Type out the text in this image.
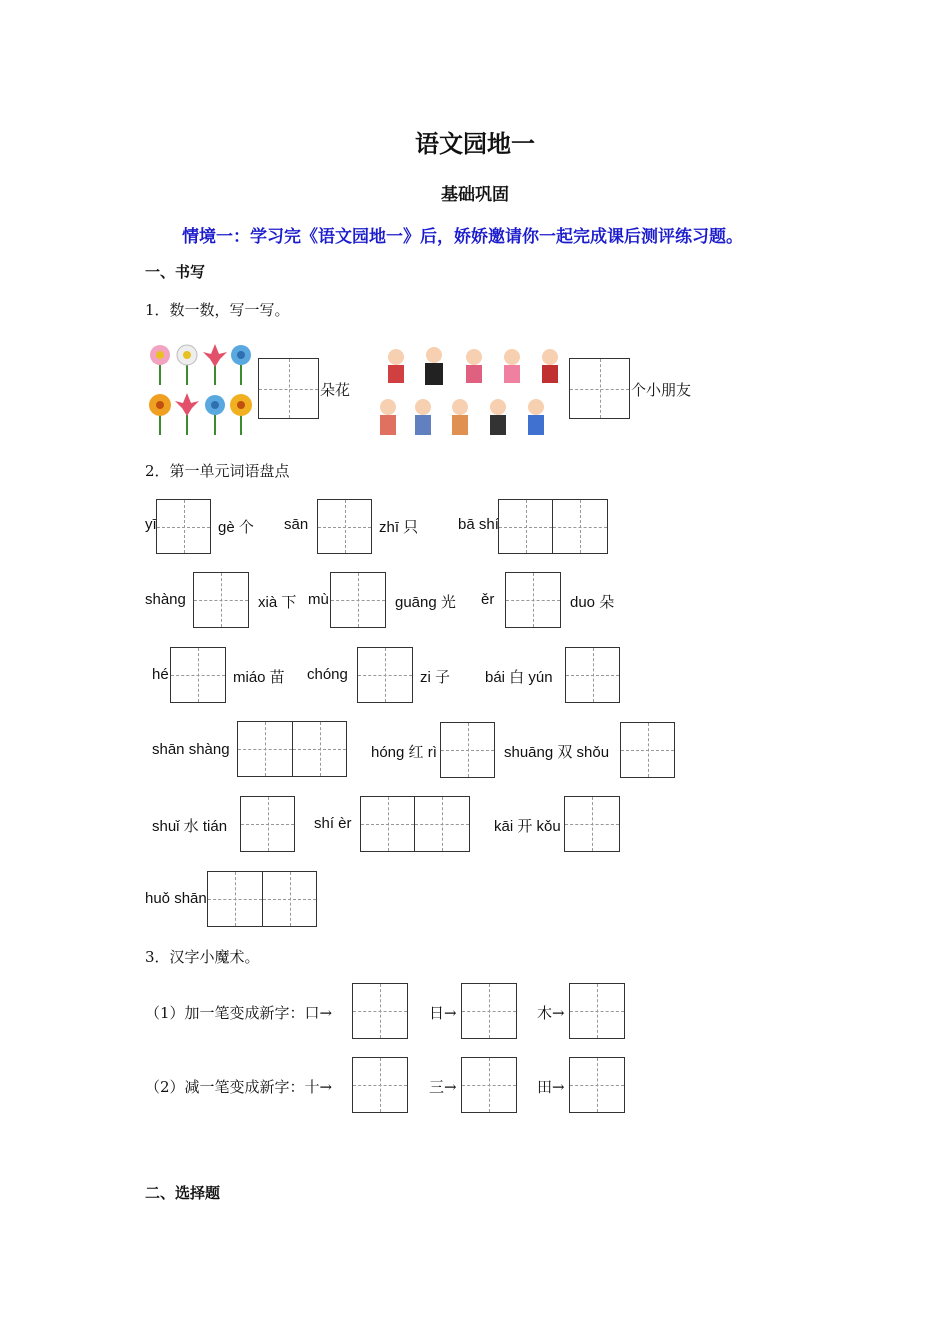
语文园地一
基础巩固
情境一：学习完《语文园地一》后，娇娇邀请你一起完成课后测评练习题。
一、书写
1．数一数，写一写。
朵花	个小朋友
2．第一单元词语盘点
yī	gè 个 sān	zhī 只	bā shí
shàng	xià 下 mù	guāng 光 ěr	duo 朵
hé	miáo 苗 chóng	zi 子 bái 白 yún
shān shàng	hóng 红 rì	shuāng 双 shǒu
shuǐ 水 tián	shí èr	kāi 开 kǒu
huǒ shān
3．汉字小魔术。
（1）加一笔变成新字：口→	日→	木→
（2）减一笔变成新字：十→	三→	田→
二、选择题
